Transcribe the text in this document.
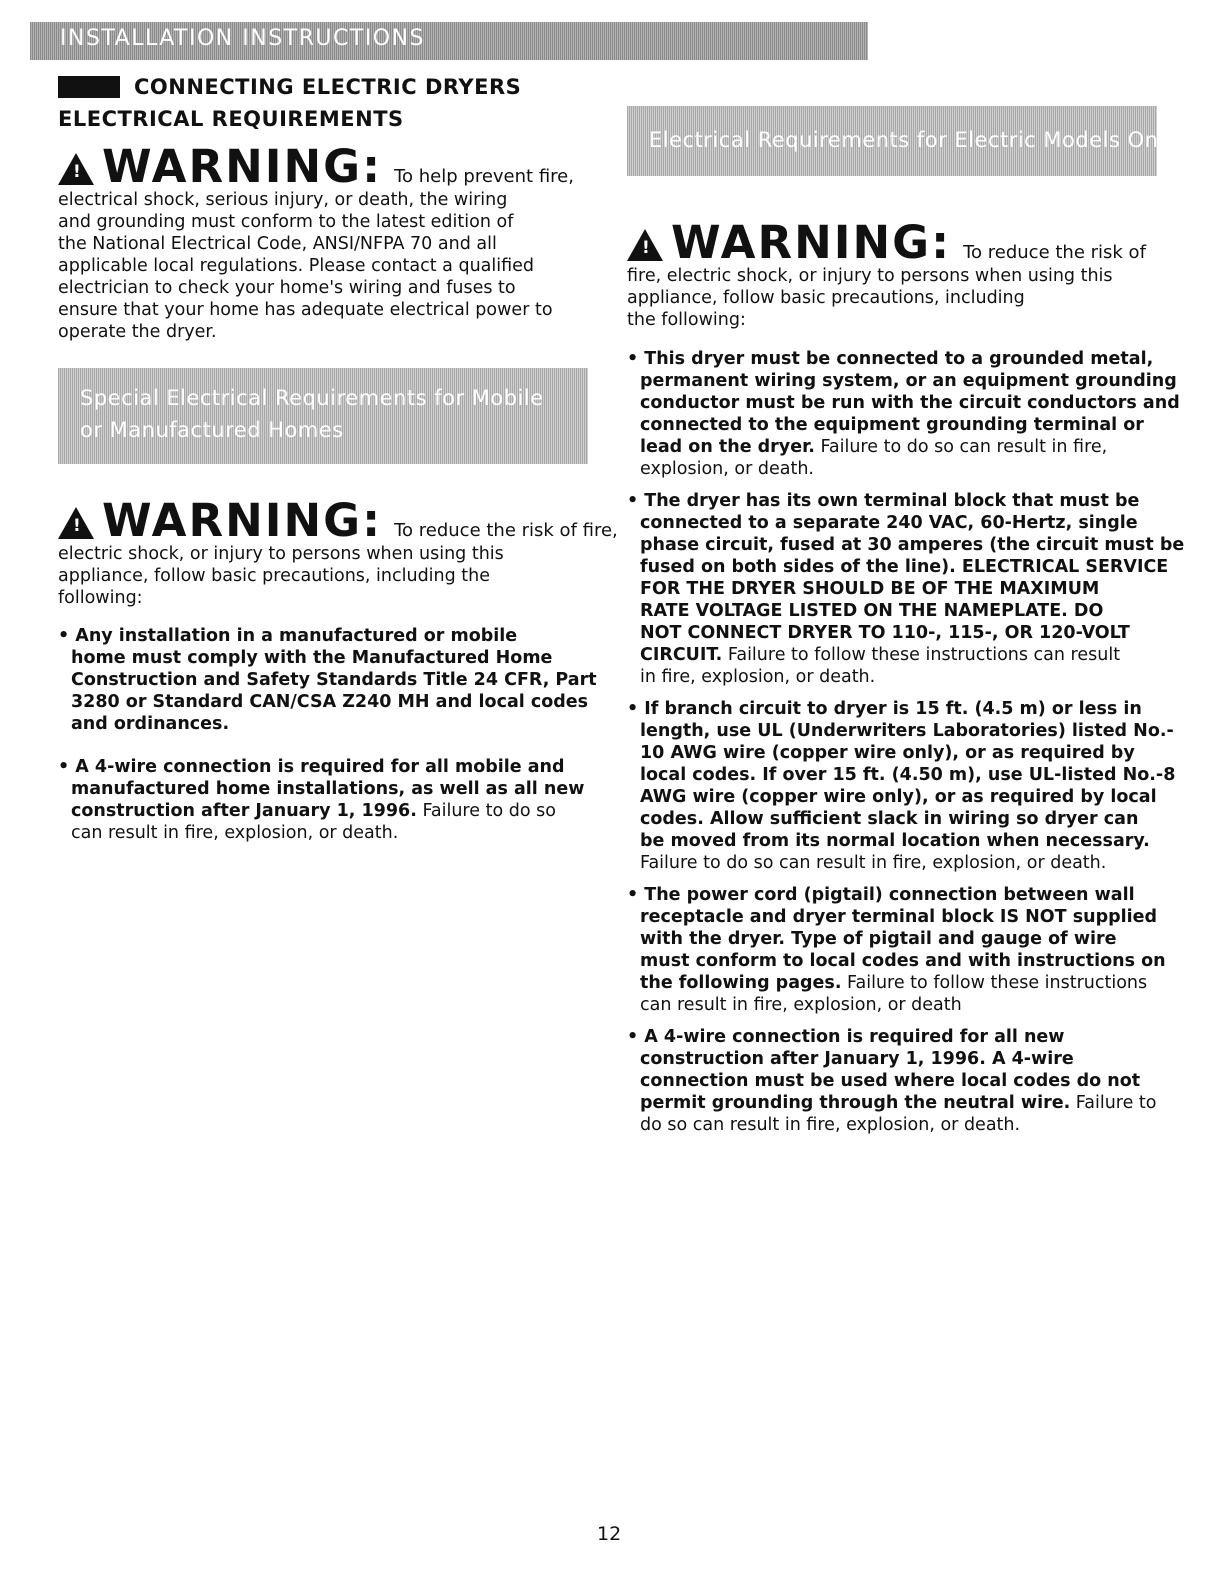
INSTALLATION INSTRUCTIONS
CONNECTING ELECTRIC DRYERS
ELECTRICAL REQUIREMENTS
!
WARNING: To help prevent fire,
electrical shock, serious injury, or death, the wiring
and grounding must conform to the latest edition of
the National Electrical Code, ANSI/NFPA 70 and all
applicable local regulations. Please contact a qualified
electrician to check your home's wiring and fuses to
ensure that your home has adequate electrical power to
operate the dryer.
Special Electrical Requirements for Mobile
or Manufactured Homes
!
WARNING: To reduce the risk of fire,
electric shock, or injury to persons when using this
appliance, follow basic precautions, including the
following:
• Any installation in a manufactured or mobile
home must comply with the Manufactured Home
Construction and Safety Standards Title 24 CFR, Part
3280 or Standard CAN/CSA Z240 MH and local codes
and ordinances.
• A 4-wire connection is required for all mobile and
manufactured home installations, as well as all new
construction after January 1, 1996. Failure to do so
can result in fire, explosion, or death.
Electrical Requirements for Electric Models Only
!
WARNING: To reduce the risk of
fire, electric shock, or injury to persons when using this
appliance, follow basic precautions, including
the following:
• This dryer must be connected to a grounded metal,
permanent wiring system, or an equipment grounding
conductor must be run with the circuit conductors and
connected to the equipment grounding terminal or
lead on the dryer. Failure to do so can result in fire,
explosion, or death.
• The dryer has its own terminal block that must be
connected to a separate 240 VAC, 60-Hertz, single
phase circuit, fused at 30 amperes (the circuit must be
fused on both sides of the line). ELECTRICAL SERVICE
FOR THE DRYER SHOULD BE OF THE MAXIMUM
RATE VOLTAGE LISTED ON THE NAMEPLATE. DO
NOT CONNECT DRYER TO 110-, 115-, OR 120-VOLT
CIRCUIT. Failure to follow these instructions can result
in fire, explosion, or death.
• If branch circuit to dryer is 15 ft. (4.5 m) or less in
length, use UL (Underwriters Laboratories) listed No.-
10 AWG wire (copper wire only), or as required by
local codes. If over 15 ft. (4.50 m), use UL-listed No.-8
AWG wire (copper wire only), or as required by local
codes. Allow sufficient slack in wiring so dryer can
be moved from its normal location when necessary.
Failure to do so can result in fire, explosion, or death.
• The power cord (pigtail) connection between wall
receptacle and dryer terminal block IS NOT supplied
with the dryer. Type of pigtail and gauge of wire
must conform to local codes and with instructions on
the following pages. Failure to follow these instructions
can result in fire, explosion, or death
• A 4-wire connection is required for all new
construction after January 1, 1996. A 4-wire
connection must be used where local codes do not
permit grounding through the neutral wire. Failure to
do so can result in fire, explosion, or death.
12
